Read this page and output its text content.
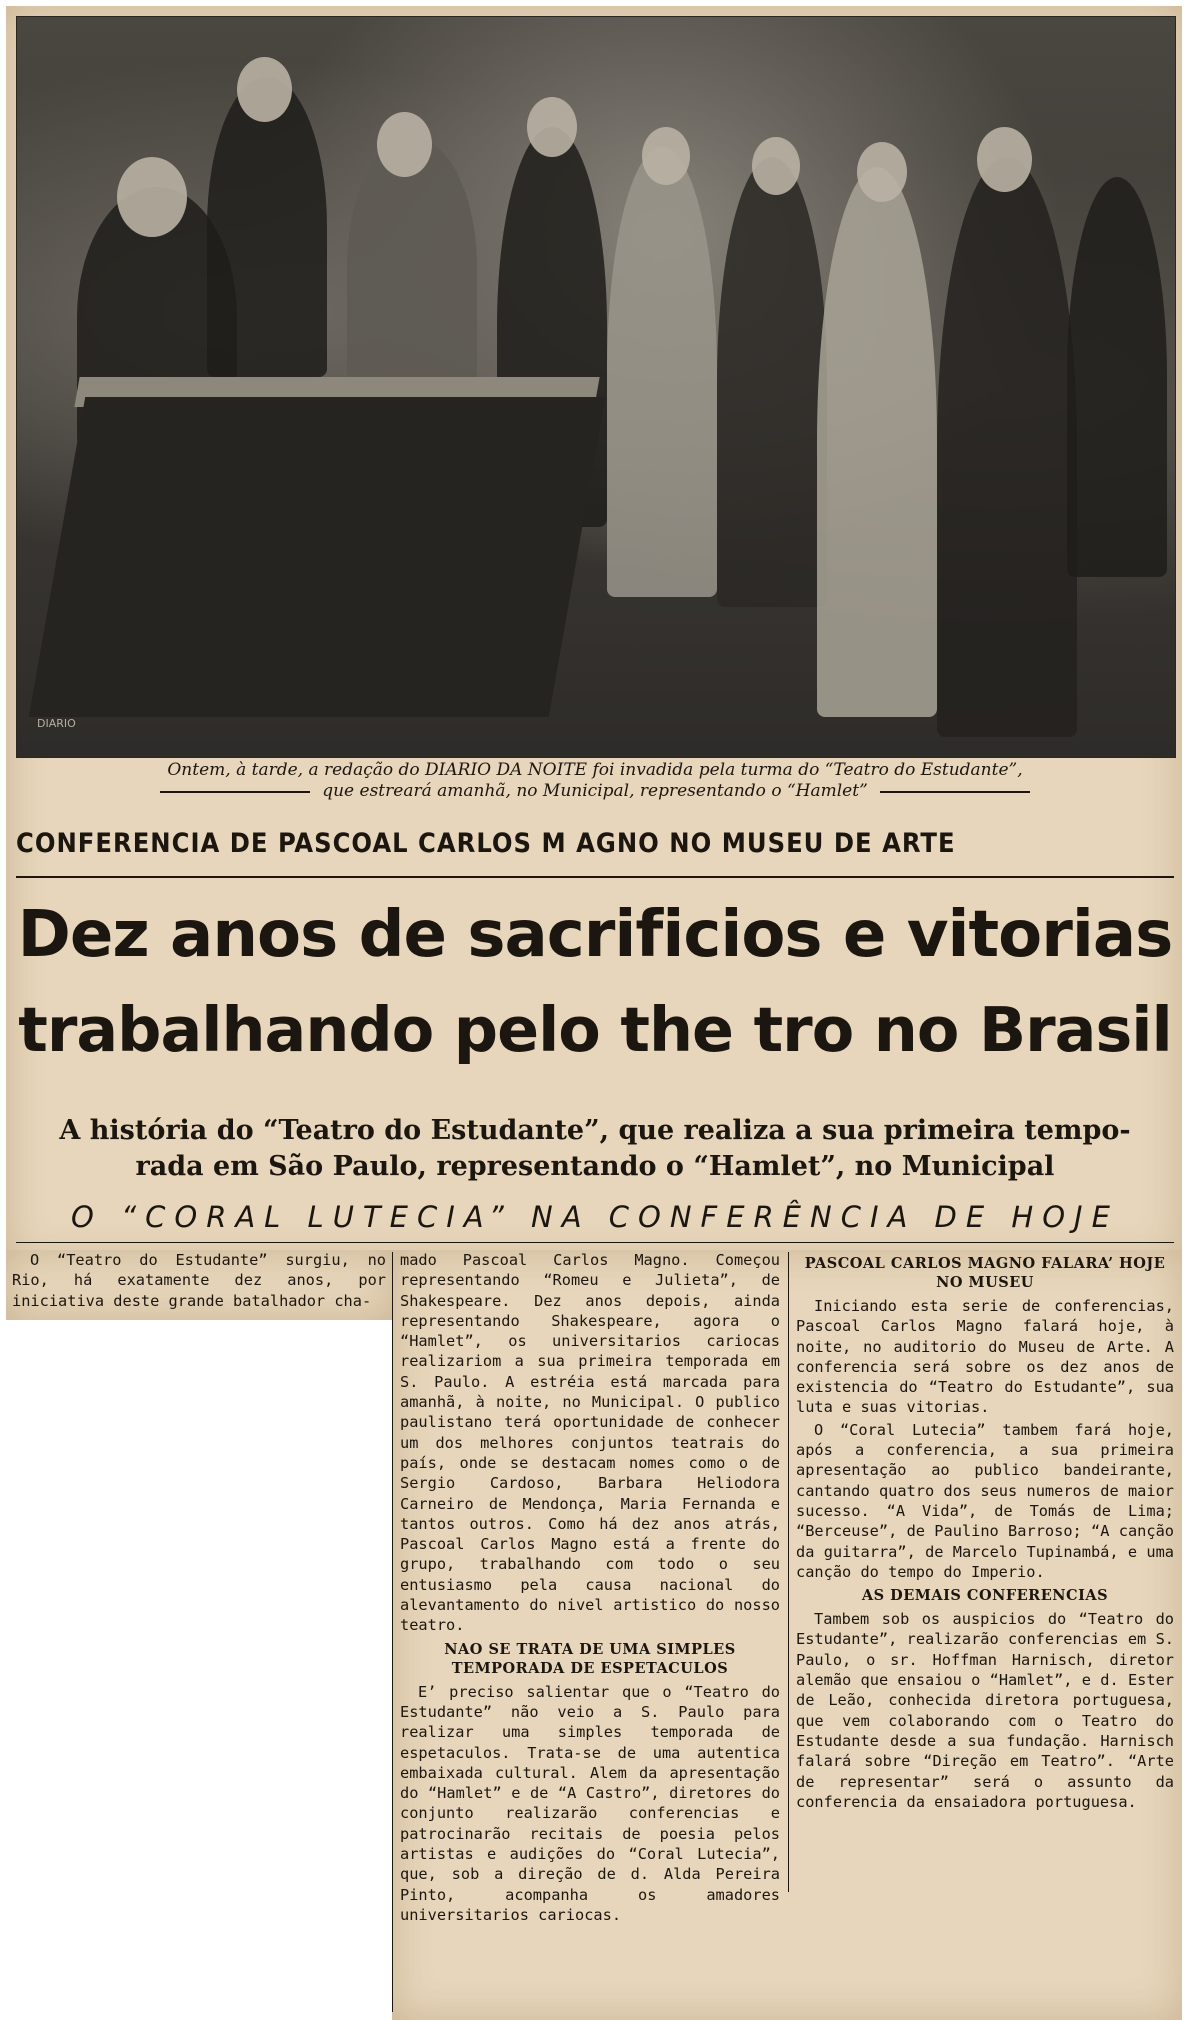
DIARIO
Ontem, à tarde, a redação do DIARIO DA NOITE foi invadida pela turma do “Teatro do Estudante”,
que estreará amanhã, no Municipal, representando o “Hamlet”
CONFERENCIA DE PASCOAL CARLOS M AGNO NO MUSEU DE ARTE
Dez anos de sacrificios e vitorias
trabalhando pelo the tro no Brasil
A história do “Teatro do Estudante”, que realiza a sua primeira tempo-
rada em São Paulo, representando o “Hamlet”, no Municipal
O “CORAL LUTECIA” NA CONFERÊNCIA DE HOJE

O “Teatro do Estudante” surgiu, no Rio, há exatamente dez anos, por iniciativa deste grande batalhador cha-

mado Pascoal Carlos Magno. Começou representando “Romeu e Julieta”, de Shakespeare. Dez anos depois, ainda representando Shakespeare, agora o “Hamlet”, os universitarios cariocas realizariom a sua primeira temporada em S. Paulo. A estréia está marcada para amanhã, à noite, no Municipal. O publico paulistano terá oportunidade de conhecer um dos melhores conjuntos teatrais do país, onde se destacam nomes como o de Sergio Cardoso, Barbara Heliodora Carneiro de Mendonça, Maria Fernanda e tantos outros. Como há dez anos atrás, Pascoal Carlos Magno está a frente do grupo, trabalhando com todo o seu entusiasmo pela causa nacional do alevantamento do nivel artistico do nosso teatro.

NAO SE TRATA DE UMA SIMPLES TEMPORADA DE ESPETACULOS

E’ preciso salientar que o “Teatro do Estudante” não veio a S. Paulo para realizar uma simples temporada de espetaculos. Trata-se de uma autentica embaixada cultural. Alem da apresentação do “Hamlet” e de “A Castro”, diretores do conjunto realizarão conferencias e patrocinarão recitais de poesia pelos artistas e audições do “Coral Lutecia”, que, sob a direção de d. Alda Pereira Pinto, acompanha os amadores universitarios cariocas.

PASCOAL CARLOS MAGNO FALARA’ HOJE NO MUSEU

Iniciando esta serie de conferencias, Pascoal Carlos Magno falará hoje, à noite, no auditorio do Museu de Arte. A conferencia será sobre os dez anos de existencia do “Teatro do Estudante”, sua luta e suas vitorias.

O “Coral Lutecia” tambem fará hoje, após a conferencia, a sua primeira apresentação ao publico bandeirante, cantando quatro dos seus numeros de maior sucesso. “A Vida”, de Tomás de Lima; “Berceuse”, de Paulino Barroso; “A canção da guitarra”, de Marcelo Tupinambá, e uma canção do tempo do Imperio.

AS DEMAIS CONFERENCIAS

Tambem sob os auspicios do “Teatro do Estudante”, realizarão conferencias em S. Paulo, o sr. Hoffman Harnisch, diretor alemão que ensaiou o “Hamlet”, e d. Ester de Leão, conhecida diretora portuguesa, que vem colaborando com o Teatro do Estudante desde a sua fundação. Harnisch falará sobre “Direção em Teatro”. “Arte de representar” será o assunto da conferencia da ensaiadora portuguesa.
